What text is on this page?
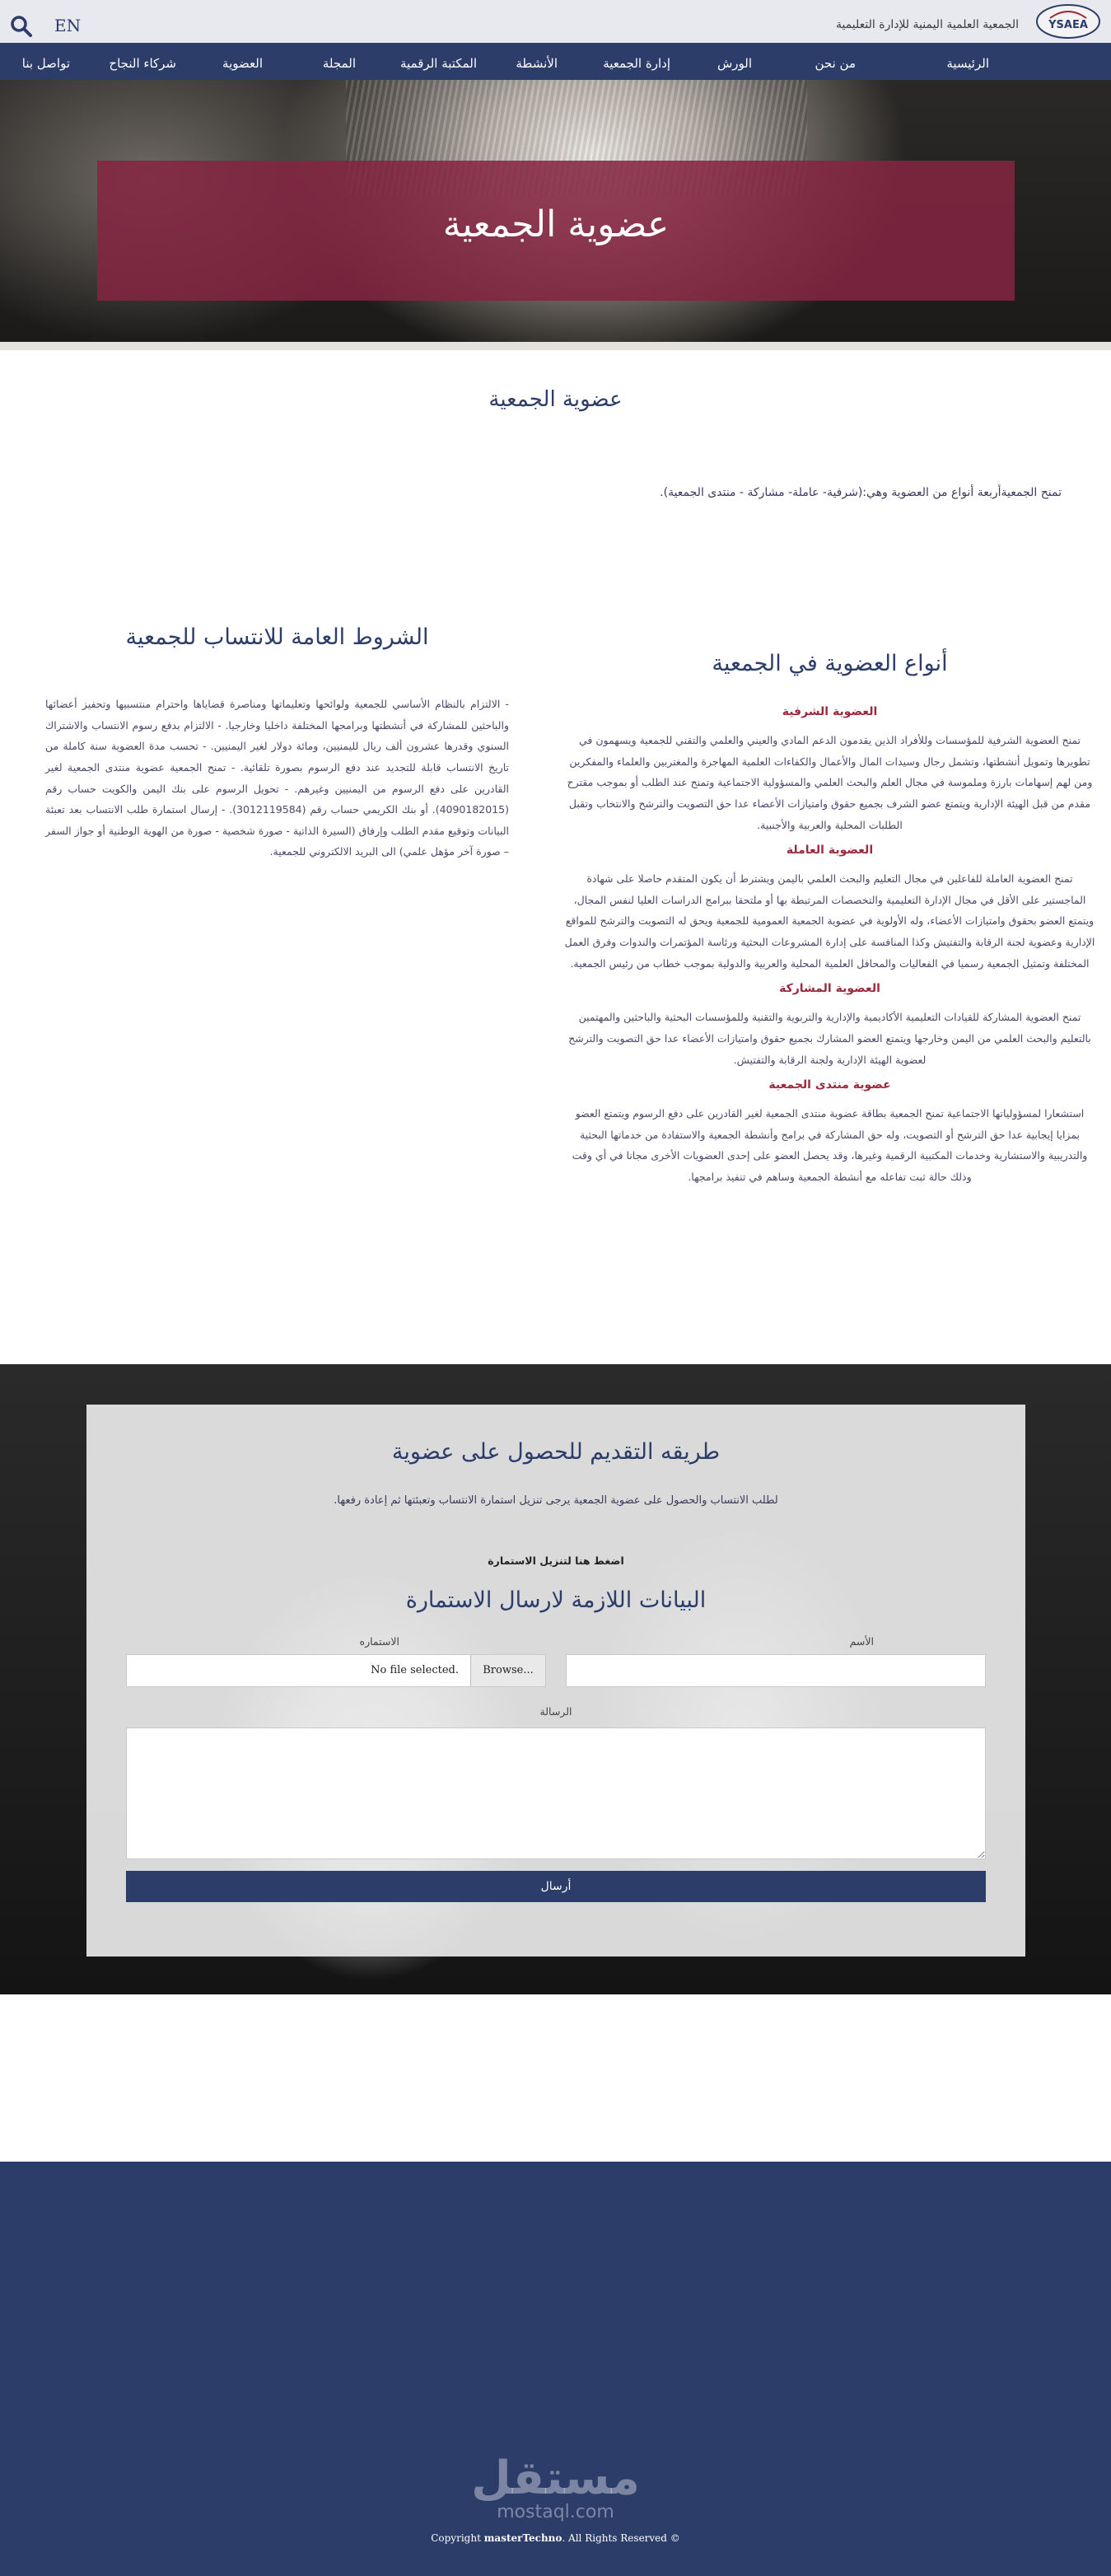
EN	الجمعية العلمية اليمنية للإدارة التعليمية	YSAEA
الرئيسية
من نحن
الورش
إدارة الجمعية
الأنشطة
المكتبة الرقمية
المجلة
العضوية
شركاء النجاح
تواصل بنا
عضوية الجمعية
عضوية الجمعية

تمنح الجمعيةأربعة أنواع من العضوية وهي:(شرفية- عاملة- مشاركة - منتدى الجمعية).

أنواع العضوية في الجمعية
العضوية الشرفية

تمنح العضوية الشرفية للمؤسسات وللأفراد الذين يقدمون الدعم المادي والعيني والعلمي والتقني للجمعية ويسهمون في تطويرها وتمويل أنشطتها، وتشمل رجال وسيدات المال والأعمال والكفاءات العلمية المهاجرة والمغتربين والعلماء والمفكرين ومن لهم إسهامات بارزة وملموسة في مجال العلم والبحث العلمي والمسؤولية الاجتماعية وتمنح عند الطلب أو بموجب مقترح مقدم من قبل الهيئة الإدارية ويتمتع عضو الشرف بجميع حقوق وامتيازات الأعضاء عدا حق التصويت والترشح والانتخاب وتقبل الطلبات المحلية والعربية والأجنبية.

العضوية العاملة

تمنح العضوية العاملة للفاعلين في مجال التعليم والبحث العلمي باليمن ويشترط أن يكون المتقدم حاصلا على شهادة الماجستير على الأقل في مجال الإدارة التعليمية والتخصصات المرتبطة بها أو ملتحقا ببرامج الدراسات العليا لنفس المجال، ويتمتع العضو بحقوق وامتيازات الأعضاء، وله الأولوية في عضوية الجمعية العمومية للجمعية ويحق له التصويت والترشح للمواقع الإدارية وعضوية لجنة الرقابة والتفتيش وكذا المنافسة على إدارة المشروعات البحثية ورئاسة المؤتمرات والندوات وفرق العمل المختلفة وتمثيل الجمعية رسميا في الفعاليات والمحافل العلمية المحلية والعربية والدولية بموجب خطاب من رئيس الجمعية.

العضوية المشاركة

تمنح العضوية المشاركة للقيادات التعليمية الأكاديمية والإدارية والتربوية والتقنية وللمؤسسات البحثية والباحثين والمهتمين بالتعليم والبحث العلمي من اليمن وخارجها ويتمتع العضو المشارك بجميع حقوق وامتيازات الأعضاء عدا حق التصويت والترشح لعضوية الهيئة الإدارية ولجنة الرقابة والتفتيش.

عضوية منتدى الجمعية

استشعارا لمسؤولياتها الاجتماعية تمنح الجمعية بطاقة عضوية منتدى الجمعية لغير القادرين على دفع الرسوم ويتمتع العضو بمزايا إيجابية عدا حق الترشح أو التصويت، وله حق المشاركة في برامج وأنشطة الجمعية والاستفادة من خدماتها البحثية والتدريبية والاستشارية وخدمات المكتبية الرقمية وغيرها، وقد يحصل العضو على إحدى العضويات الأخرى مجانا في أي وقت وذلك حالة ثبت تفاعله مع أنشطة الجمعية وساهم في تنفيذ برامجها.

الشروط العامة للانتساب للجمعية
- الالتزام بالنظام الأساسي للجمعية ولوائحها وتعليماتها ومناصرة قضاياها واحترام منتسبيها وتحفيز أعضائها والباحثين للمشاركة في أنشطتها وبرامجها المختلفة داخليا وخارجيا. - الالتزام بدفع رسوم الانتساب والاشتراك السنوي وقدرها عشرون ألف ريال لليمنيين، ومائة دولار لغير اليمنيين. - تحسب مدة العضوية سنة كاملة من تاريخ الانتساب قابلة للتجديد عند دفع الرسوم بصورة تلقائية. - تمنح الجمعية عضوية منتدى الجمعية لغير القادرين على دفع الرسوم من اليمنيين وغيرهم. - تحويل الرسوم على بنك اليمن والكويت حساب رقم (4090182015). أو بنك الكريمي حساب رقم (3012119584). - إرسال استمارة طلب الانتساب بعد تعبئة البيانات وتوقيع مقدم الطلب وإرفاق (السيرة الذاتية - صورة شخصية - صورة من الهوية الوطنية أو جواز السفر – صورة آخر مؤهل علمي) الى البريد الالكتروني للجمعية.
طريقه التقديم للحصول على عضوية
لطلب الانتساب والحصول على عضوية الجمعية يرجى تنزيل استمارة الانتساب وتعبئتها ثم إعادة رفعها.
اضغط هنا لتنزيل الاستمارة
البيانات اللازمة لارسال الاستمارة
الأسم
الاستماره
No file selected.	Browse...
الرسالة
أرسال
مستقل
mostaql.com
Copyright masterTechno. All Rights Reserved ©
